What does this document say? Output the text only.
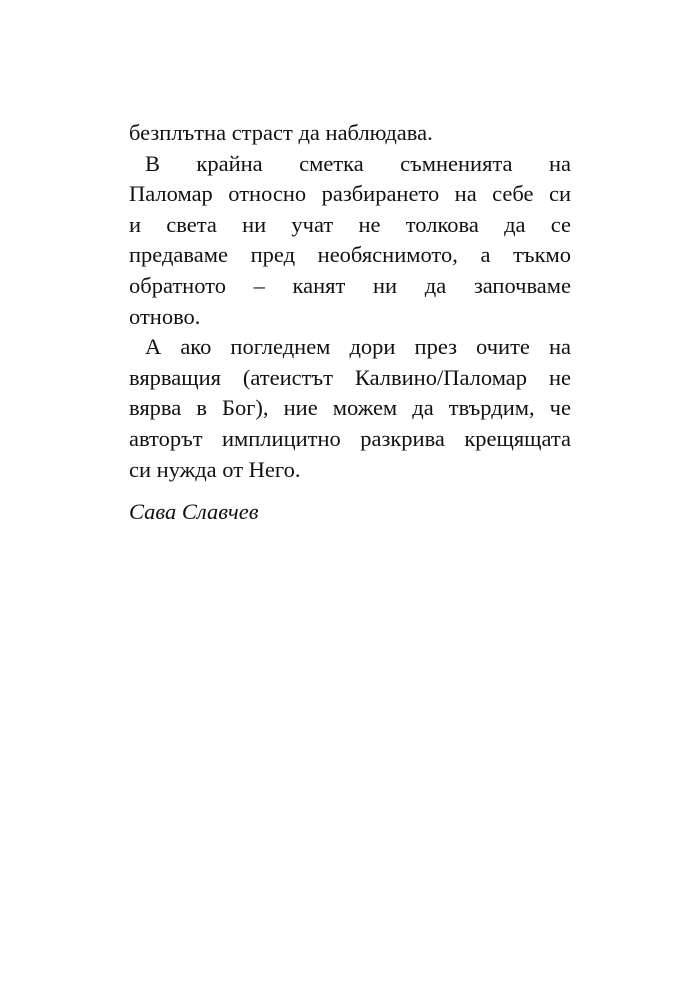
безплътна страст да наблюдава.
В крайна сметка съмненията на
Паломар относно разбирането на себе си
и света ни учат не толкова да се
предаваме пред необяснимото, а тъкмо
обратното – канят ни да започваме
отново.
А ако погледнем дори през очите на
вярващия (атеистът Калвино/Паломар не
вярва в Бог), ние можем да твърдим, че
авторът имплицитно разкрива крещящата
си нужда от Него.
Сава Славчев
